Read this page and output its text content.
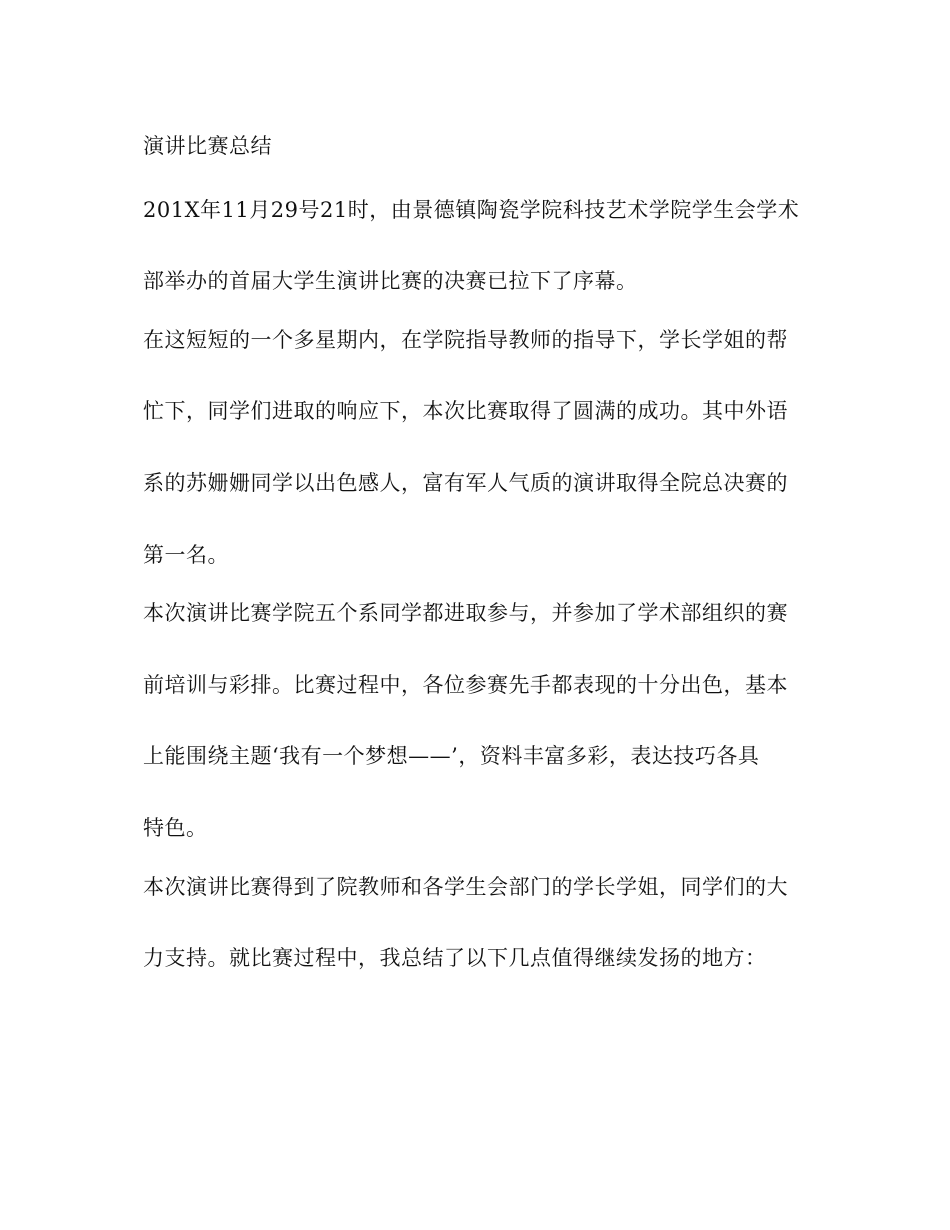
演讲比赛总结
201X年11月29号21时，由景德镇陶瓷学院科技艺术学院学生会学术
部举办的首届大学生演讲比赛的决赛已拉下了序幕。
在这短短的一个多星期内，在学院指导教师的指导下，学长学姐的帮
忙下，同学们进取的响应下，本次比赛取得了圆满的成功。其中外语
系的苏姗姗同学以出色感人，富有军人气质的演讲取得全院总决赛的
第一名。
本次演讲比赛学院五个系同学都进取参与，并参加了学术部组织的赛
前培训与彩排。比赛过程中，各位参赛先手都表现的十分出色，基本
上能围绕主题‘我有一个梦想——’，资料丰富多彩，表达技巧各具
特色。
本次演讲比赛得到了院教师和各学生会部门的学长学姐，同学们的大
力支持。就比赛过程中，我总结了以下几点值得继续发扬的地方：
